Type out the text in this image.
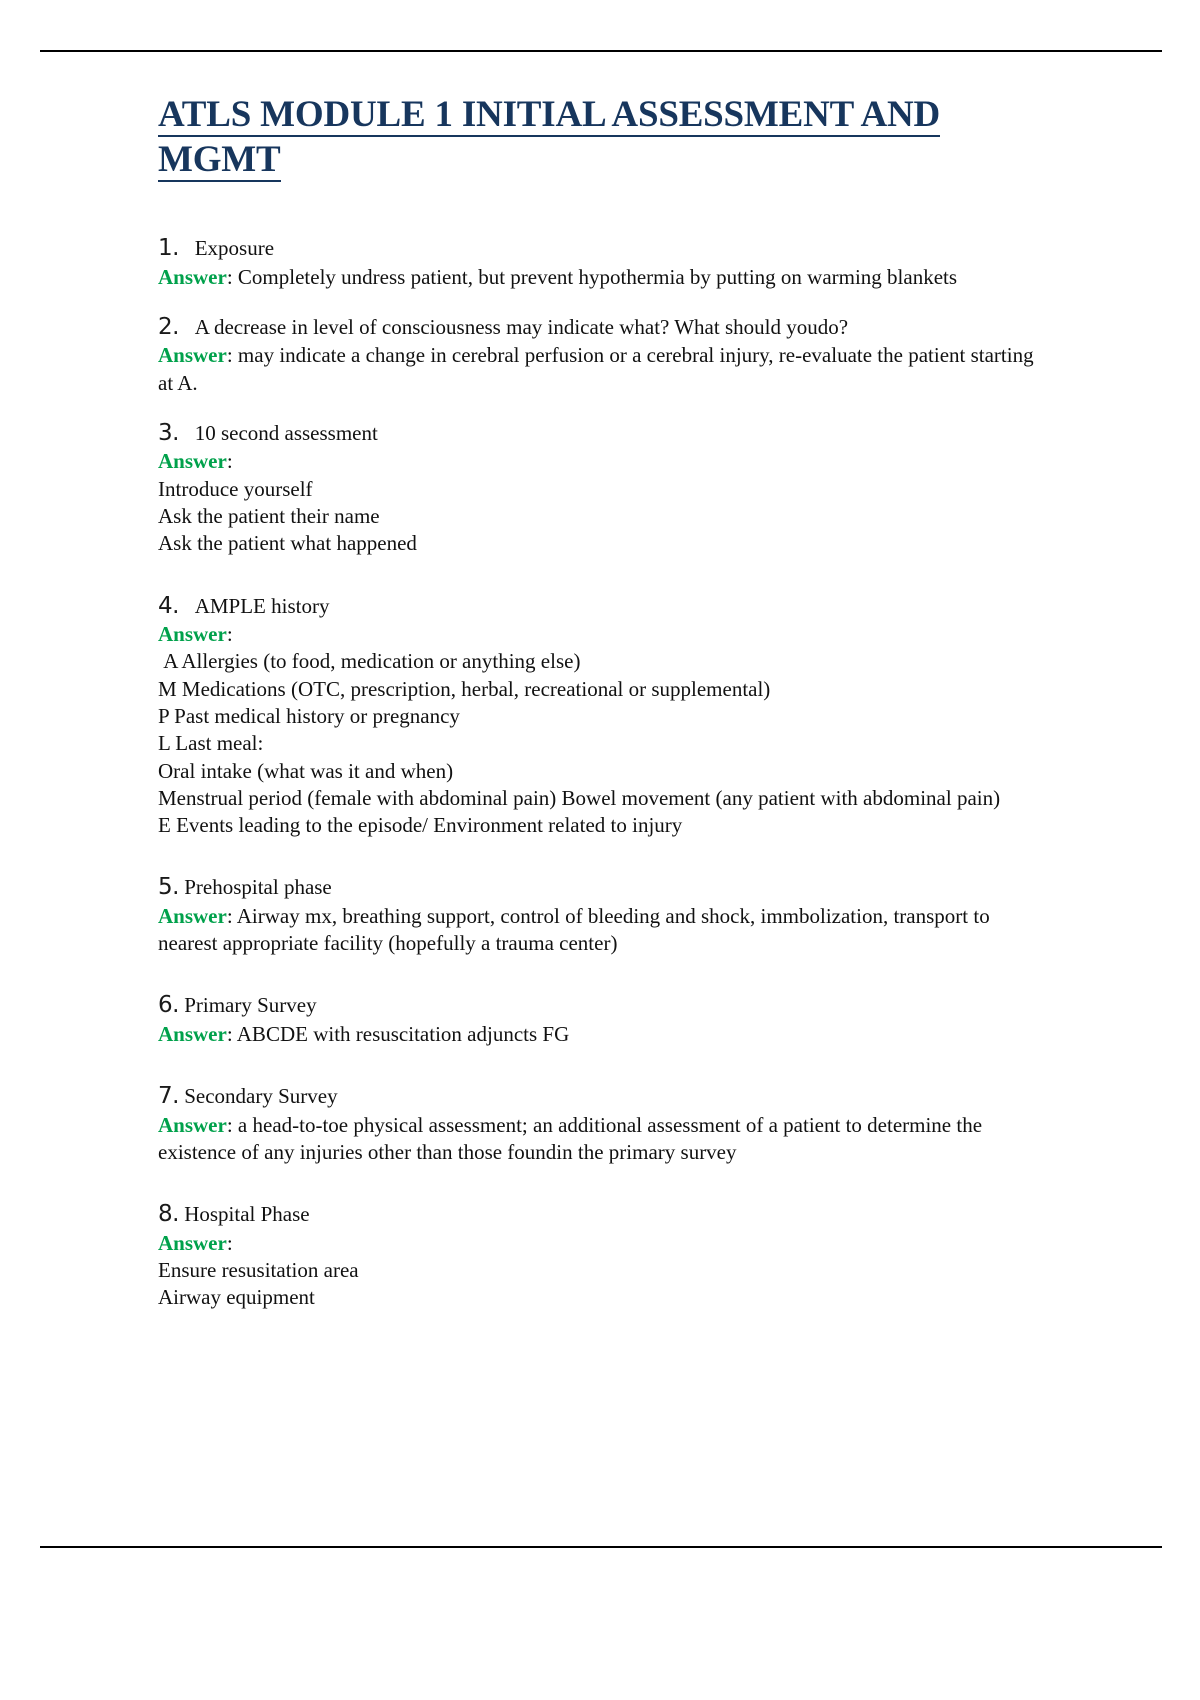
ATLS MODULE 1 INITIAL ASSESSMENT AND
MGMT

1. Exposure

Answer: Completely undress patient, but prevent hypothermia by putting on warming blankets

2. A decrease in level of consciousness may indicate what? What should youdo?

Answer: may indicate a change in cerebral perfusion or a cerebral injury, re-evaluate the patient starting at A.

3. 10 second assessment

Answer:

Introduce yourself

Ask the patient their name

Ask the patient what happened

4. AMPLE history

Answer:

A Allergies (to food, medication or anything else)

M Medications (OTC, prescription, herbal, recreational or supplemental)

P Past medical history or pregnancy

L Last meal:

Oral intake (what was it and when)

Menstrual period (female with abdominal pain) Bowel movement (any patient with abdominal pain)

E Events leading to the episode/ Environment related to injury

5. Prehospital phase

Answer: Airway mx, breathing support, control of bleeding and shock, immbolization, transport to nearest appropriate facility (hopefully a trauma center)

6. Primary Survey

Answer: ABCDE with resuscitation adjuncts FG

7. Secondary Survey

Answer: a head-to-toe physical assessment; an additional assessment of a patient to determine the existence of any injuries other than those foundin the primary survey

8. Hospital Phase

Answer:

Ensure resusitation area

Airway equipment
